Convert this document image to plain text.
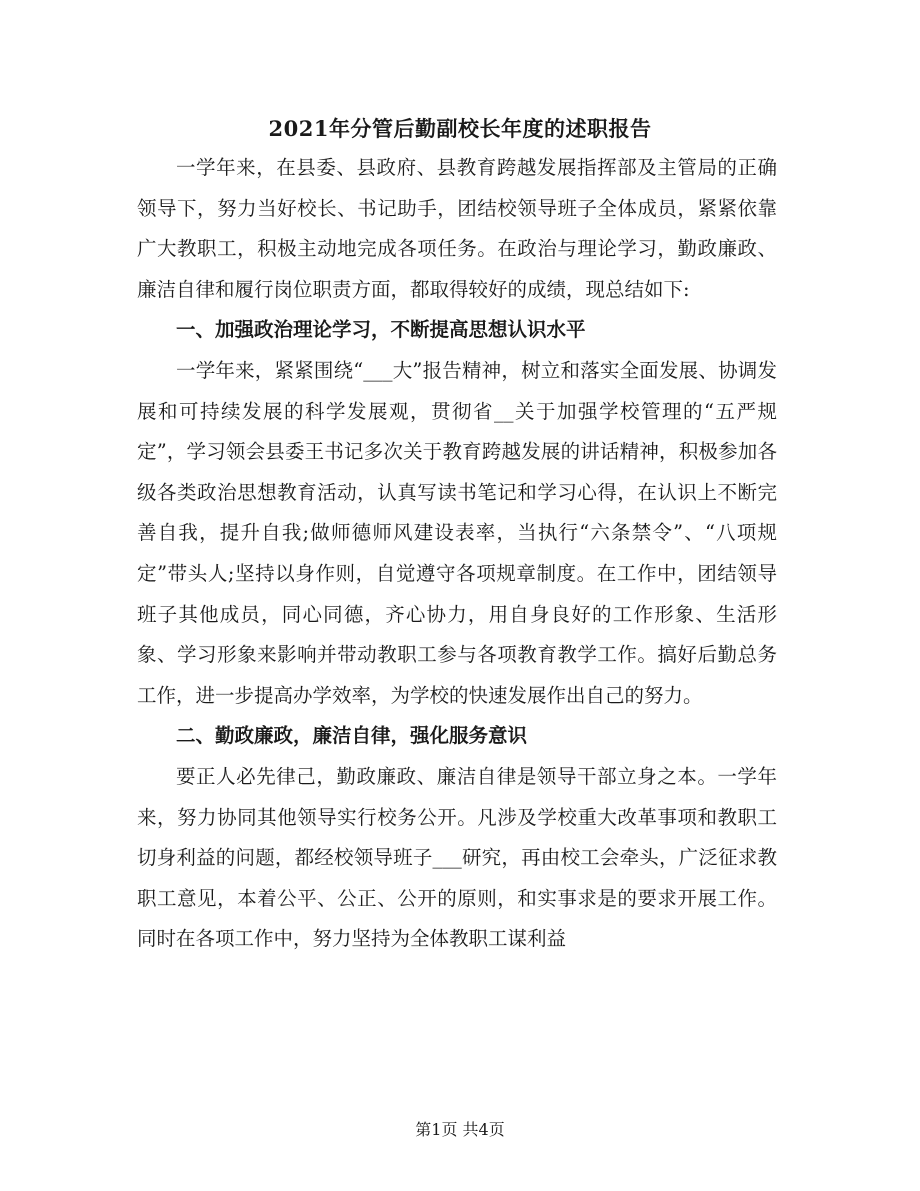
2021年分管后勤副校长年度的述职报告

一学年来，在县委、县政府、县教育跨越发展指挥部及主管局的正确领导下，努力当好校长、书记助手，团结校领导班子全体成员，紧紧依靠广大教职工，积极主动地完成各项任务。在政治与理论学习，勤政廉政、廉洁自律和履行岗位职责方面，都取得较好的成绩，现总结如下:

一、加强政治理论学习，不断提高思想认识水平

一学年来，紧紧围绕“___大”报告精神，树立和落实全面发展、协调发展和可持续发展的科学发展观，贯彻省__关于加强学校管理的“五严规定”，学习领会县委王书记多次关于教育跨越发展的讲话精神，积极参加各级各类政治思想教育活动，认真写读书笔记和学习心得，在认识上不断完善自我，提升自我;做师德师风建设表率，当执行“六条禁令”、“八项规定”带头人;坚持以身作则，自觉遵守各项规章制度。在工作中，团结领导班子其他成员，同心同德，齐心协力，用自身良好的工作形象、生活形象、学习形象来影响并带动教职工参与各项教育教学工作。搞好后勤总务工作，进一步提高办学效率，为学校的快速发展作出自己的努力。

二、勤政廉政，廉洁自律，强化服务意识

要正人必先律己，勤政廉政、廉洁自律是领导干部立身之本。一学年来，努力协同其他领导实行校务公开。凡涉及学校重大改革事项和教职工切身利益的问题，都经校领导班子___研究，再由校工会牵头，广泛征求教职工意见，本着公平、公正、公开的原则，和实事求是的要求开展工作。同时在各项工作中，努力坚持为全体教职工谋利益

第1页 共4页
